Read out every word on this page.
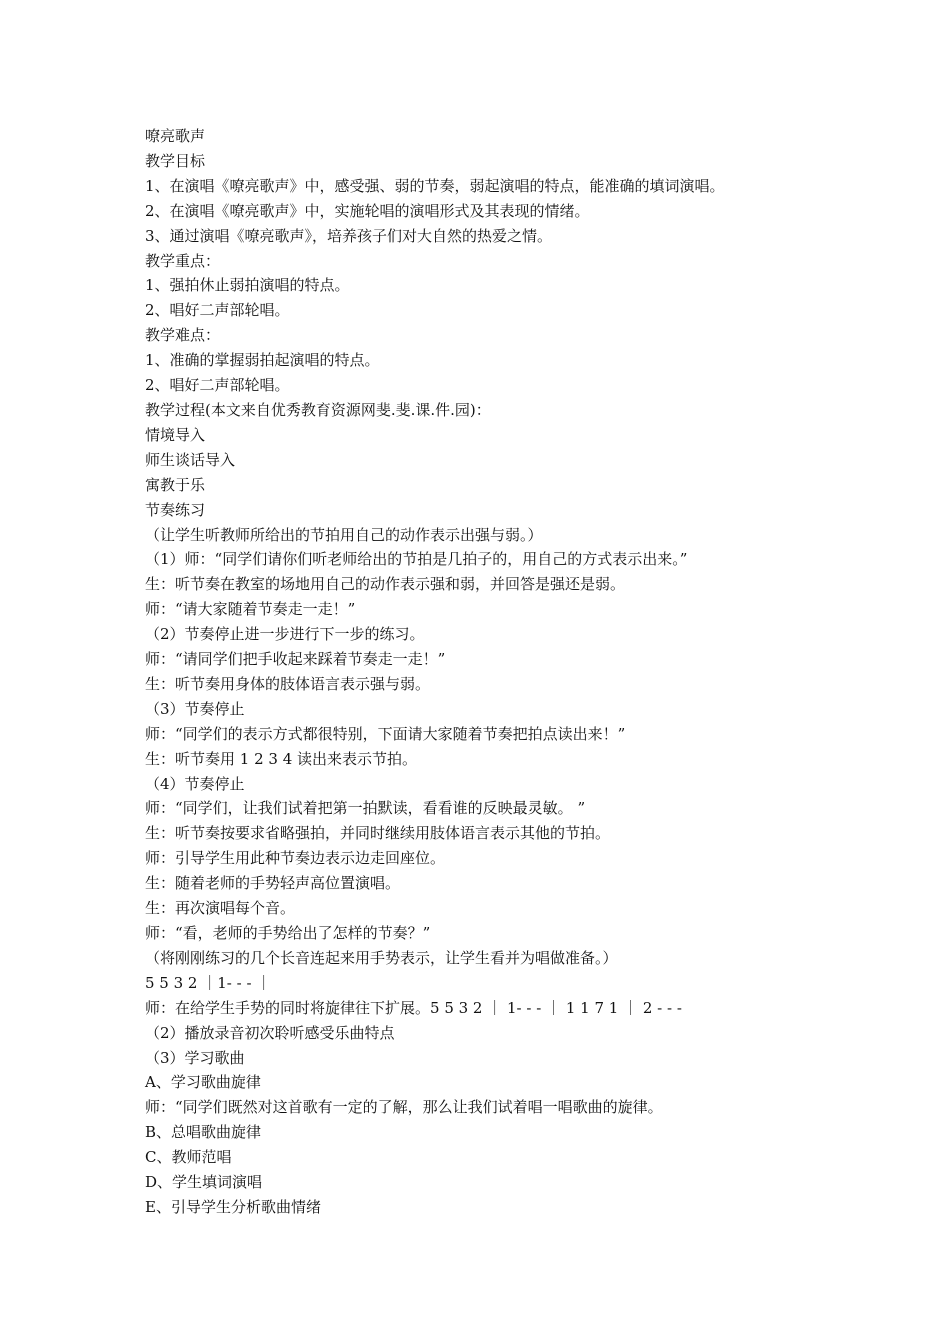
嘹亮歌声

教学目标

1、在演唱《嘹亮歌声》中，感受强、弱的节奏，弱起演唱的特点，能准确的填词演唱。

2、在演唱《嘹亮歌声》中，实施轮唱的演唱形式及其表现的情绪。

3、通过演唱《嘹亮歌声》，培养孩子们对大自然的热爱之情。

教学重点：

1、强拍休止弱拍演唱的特点。

2、唱好二声部轮唱。

教学难点：

1、准确的掌握弱拍起演唱的特点。

2、唱好二声部轮唱。

教学过程(本文来自优秀教育资源网斐.斐.课.件.园)：

情境导入

师生谈话导入

寓教于乐

节奏练习

（让学生听教师所给出的节拍用自己的动作表示出强与弱。）

（1）师：“同学们请你们听老师给出的节拍是几拍子的，用自己的方式表示出来。”

生：听节奏在教室的场地用自己的动作表示强和弱，并回答是强还是弱。

师：“请大家随着节奏走一走！”

（2）节奏停止进一步进行下一步的练习。

师：“请同学们把手收起来踩着节奏走一走！”

生：听节奏用身体的肢体语言表示强与弱。

（3）节奏停止

师：“同学们的表示方式都很特别，下面请大家随着节奏把拍点读出来！”

生：听节奏用 1 2 3 4 读出来表示节拍。

（4）节奏停止

师：“同学们，让我们试着把第一拍默读，看看谁的反映最灵敏。 ”

生：听节奏按要求省略强拍，并同时继续用肢体语言表示其他的节拍。

师：引导学生用此种节奏边表示边走回座位。

生：随着老师的手势轻声高位置演唱。

生：再次演唱每个音。

师：“看，老师的手势给出了怎样的节奏？”

（将刚刚练习的几个长音连起来用手势表示，让学生看并为唱做准备。）

5 5 3 2 ｜1- - - ｜

师：在给学生手势的同时将旋律往下扩展。5 5 3 2 ｜ 1- - - ｜ 1 1 7 1 ｜ 2 - - -

（2）播放录音初次聆听感受乐曲特点

（3）学习歌曲

A、学习歌曲旋律

师：“同学们既然对这首歌有一定的了解，那么让我们试着唱一唱歌曲的旋律。

B、总唱歌曲旋律

C、教师范唱

D、学生填词演唱

E、引导学生分析歌曲情绪
